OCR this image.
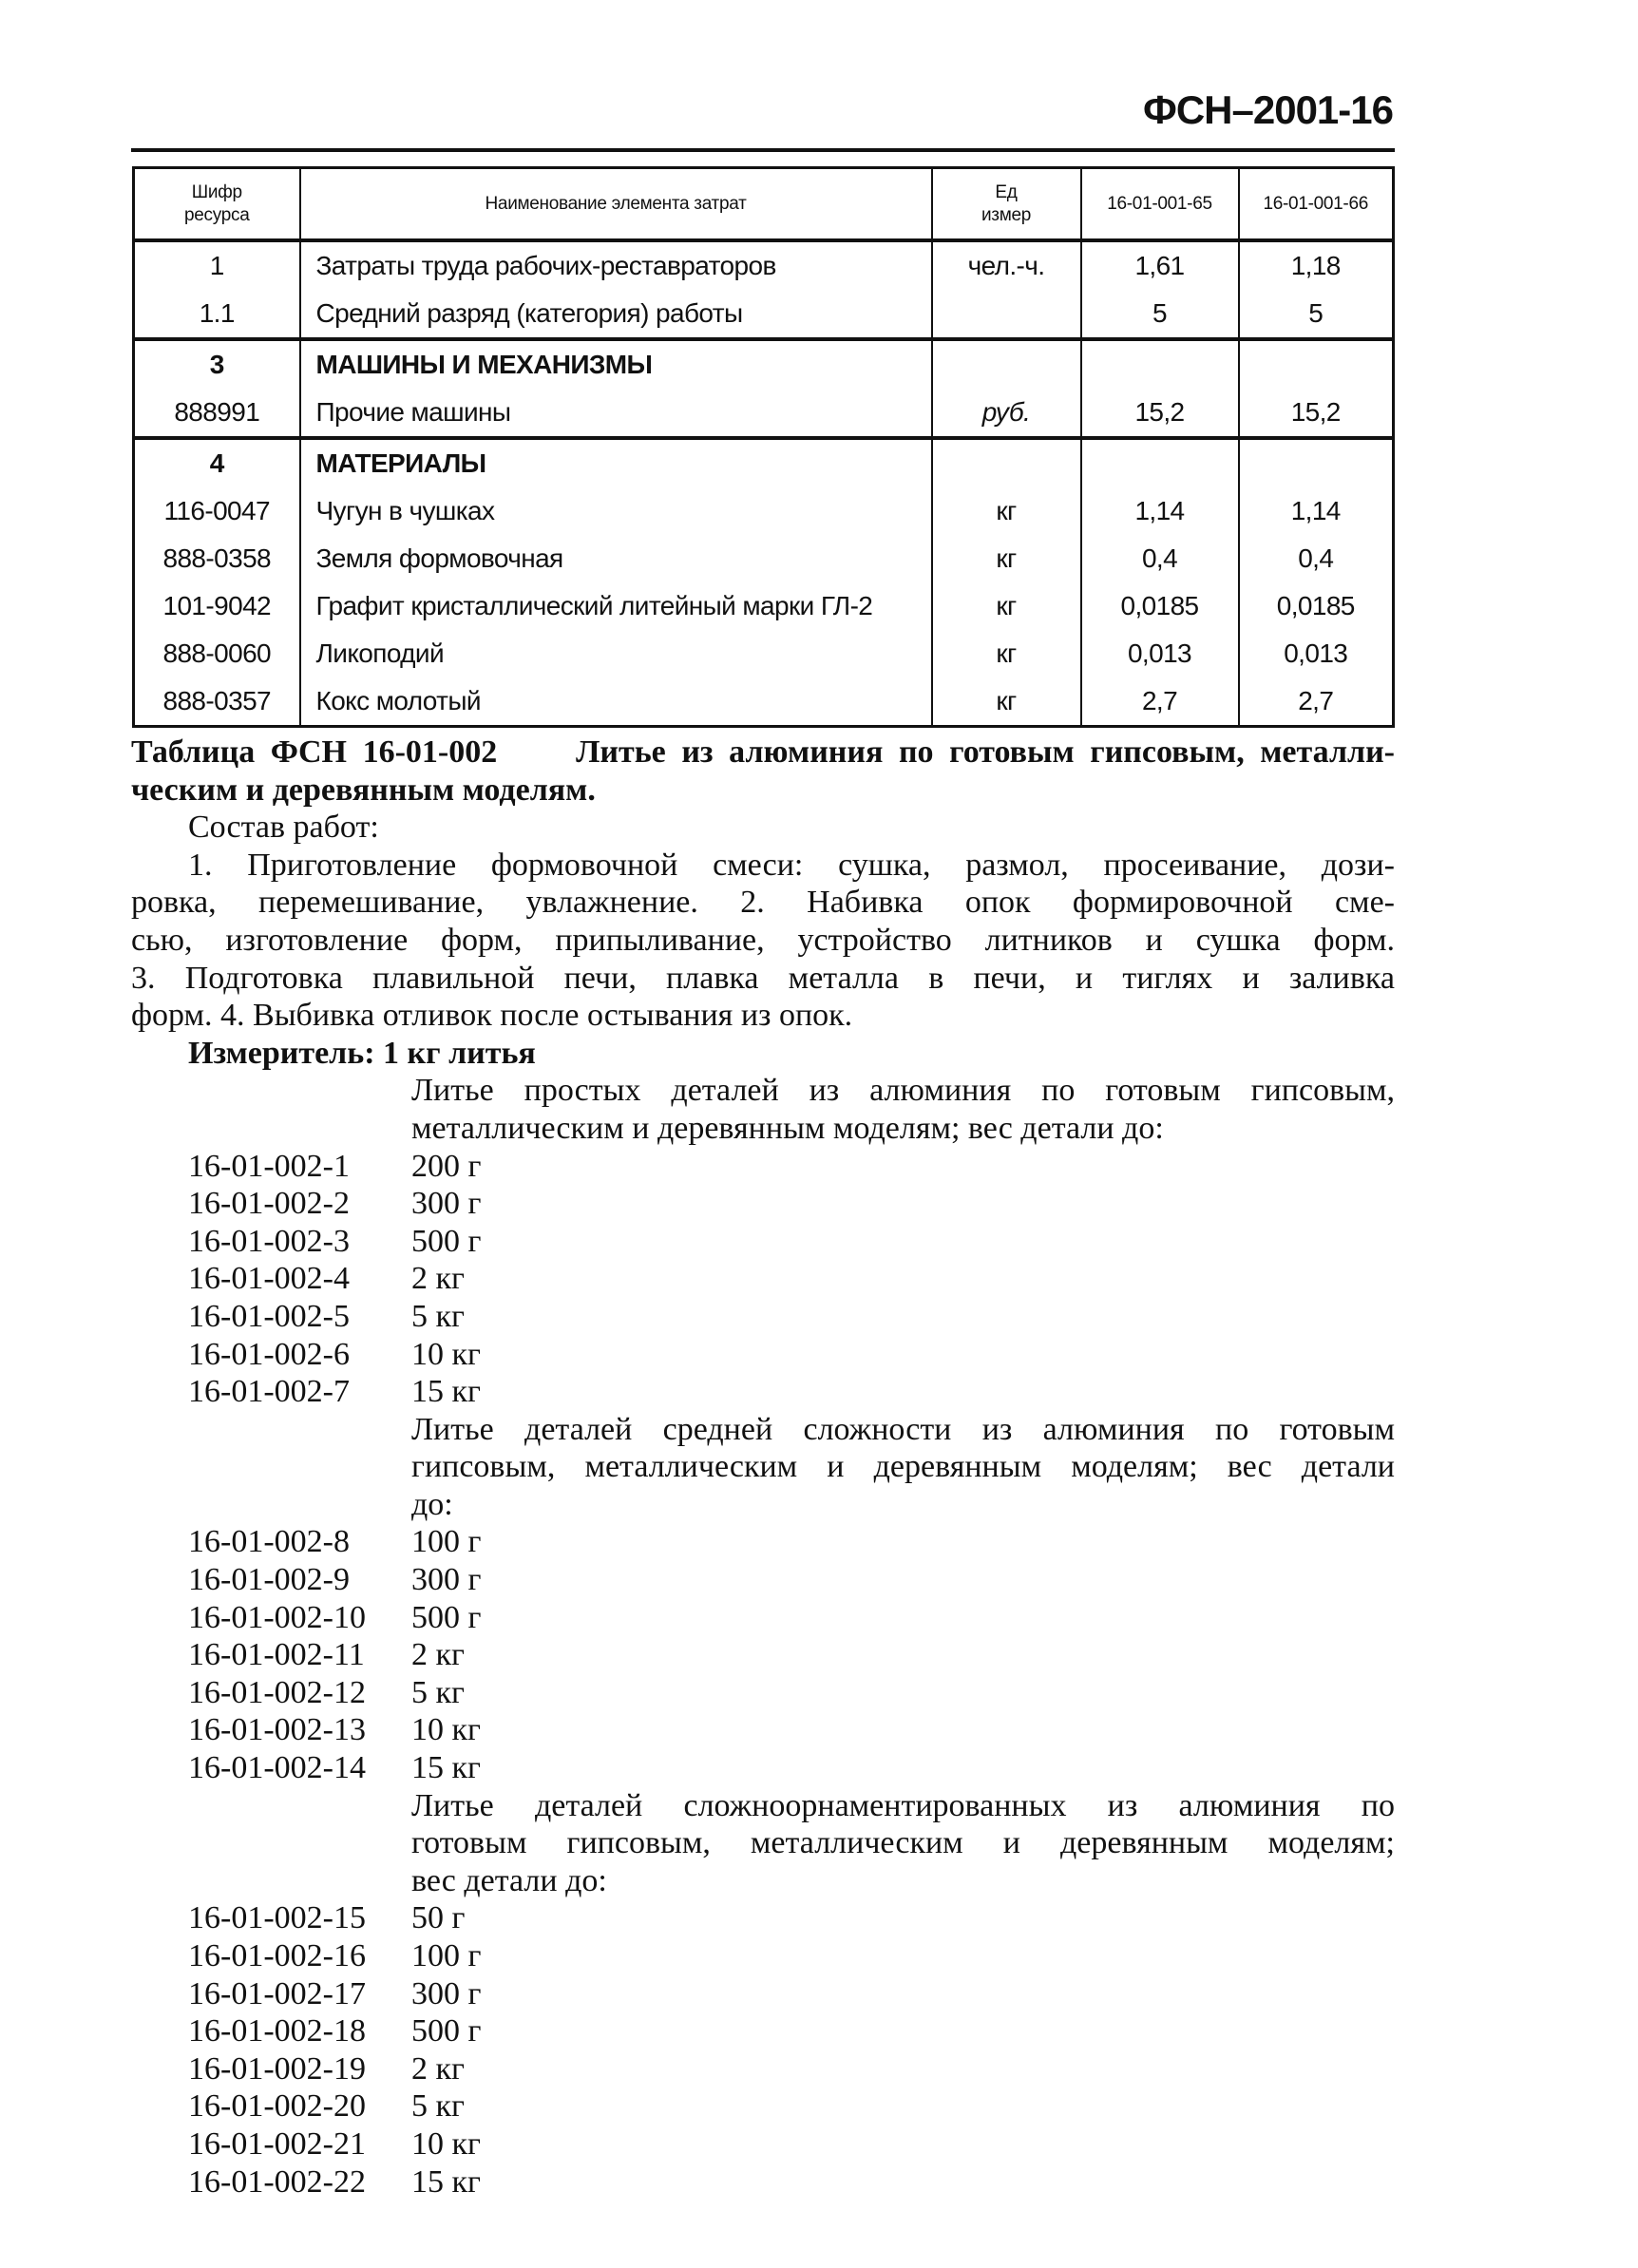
ФСН–2001-16
Шифр ресурса	Наименование элемента затрат	Ед измер	16-01-001-65	16-01-001-66
1	Затраты труда рабочих-реставраторов	чел.-ч.	1,61	1,18
1.1	Средний разряд (категория) работы		5	5
3	МАШИНЫ И МЕХАНИЗМЫ			
888991	Прочие машины	руб.	15,2	15,2
4	МАТЕРИАЛЫ			
116-0047	Чугун в чушках	кг	1,14	1,14
888-0358	Земля формовочная	кг	0,4	0,4
101-9042	Графит кристаллический литейный марки ГЛ-2	кг	0,0185	0,0185
888-0060	Ликоподий	кг	0,013	0,013
888-0357	Кокс молотый	кг	2,7	2,7
Таблица ФСН 16-01-002 Литье из алюминия по готовым гипсовым, металли-
ческим и деревянным моделям.
Состав работ:
1. Приготовление формовочной смеси: сушка, размол, просеивание, дози-
ровка, перемешивание, увлажнение. 2. Набивка опок формировочной сме-
сью, изготовление форм, припыливание, устройство литников и сушка форм.
3. Подготовка плавильной печи, плавка металла в печи, и тиглях и заливка
форм. 4. Выбивка отливок после остывания из опок.
Измеритель: 1 кг литья
Литье простых деталей из алюминия по готовым гипсовым,
металлическим и деревянным моделям; вес детали до:
16-01-002-1	200 г
16-01-002-2	300 г
16-01-002-3	500 г
16-01-002-4	2 кг
16-01-002-5	5 кг
16-01-002-6	10 кг
16-01-002-7	15 кг
Литье деталей средней сложности из алюминия по готовым
гипсовым, металлическим и деревянным моделям; вес детали
до:
16-01-002-8	100 г
16-01-002-9	300 г
16-01-002-10	500 г
16-01-002-11	2 кг
16-01-002-12	5 кг
16-01-002-13	10 кг
16-01-002-14	15 кг
Литье деталей сложноорнаментированных из алюминия по
готовым гипсовым, металлическим и деревянным моделям;
вес детали до:
16-01-002-15	50 г
16-01-002-16	100 г
16-01-002-17	300 г
16-01-002-18	500 г
16-01-002-19	2 кг
16-01-002-20	5 кг
16-01-002-21	10 кг
16-01-002-22	15 кг
